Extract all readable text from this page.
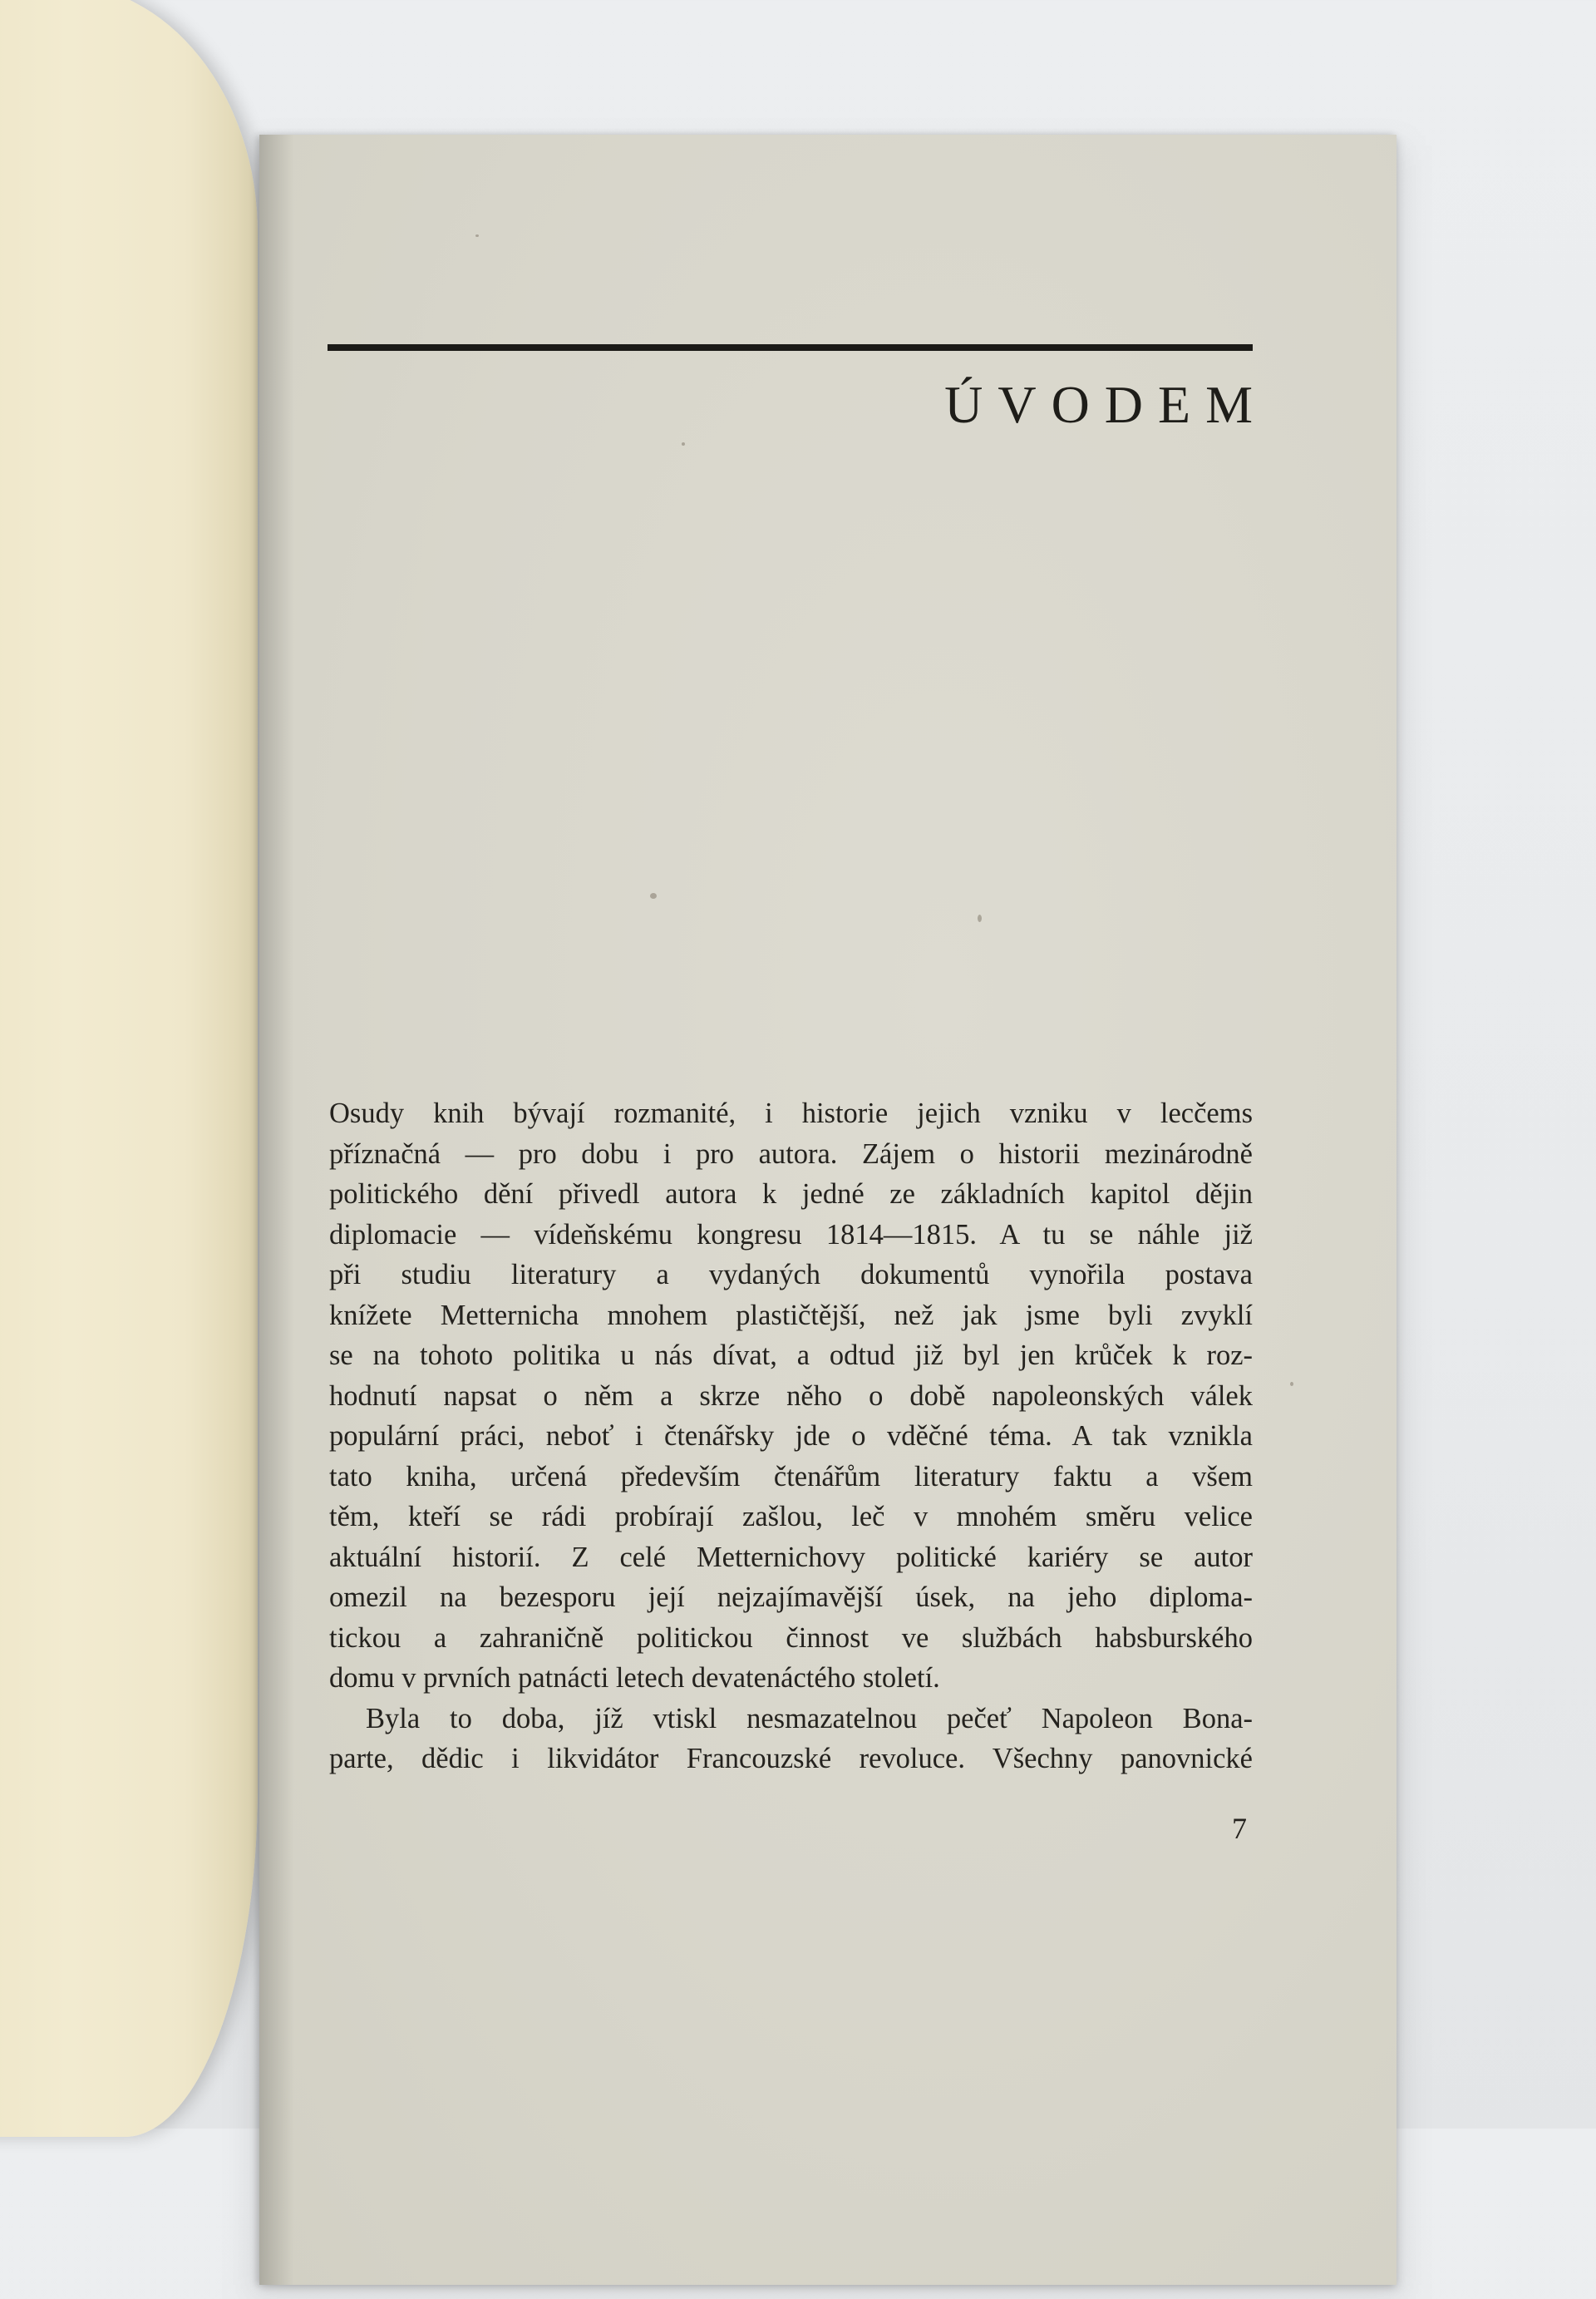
ÚVODEM
Osudy knih bývají rozmanité, i historie jejich vzniku v lecčems
příznačná — pro dobu i pro autora. Zájem o historii mezinárodně
politického dění přivedl autora k jedné ze základních kapitol dějin
diplomacie — vídeňskému kongresu 1814—1815. A tu se náhle již
při studiu literatury a vydaných dokumentů vynořila postava
knížete Metternicha mnohem plastičtější, než jak jsme byli zvyklí
se na tohoto politika u nás dívat, a odtud již byl jen krůček k roz-
hodnutí napsat o něm a skrze něho o době napoleonských válek
populární práci, neboť i čtenářsky jde o vděčné téma. A tak vznikla
tato kniha, určená především čtenářům literatury faktu a všem
těm, kteří se rádi probírají zašlou, leč v mnohém směru velice
aktuální historií. Z celé Metternichovy politické kariéry se autor
omezil na bezesporu její nejzajímavější úsek, na jeho diploma-
tickou a zahraničně politickou činnost ve službách habsburského
domu v prvních patnácti letech devatenáctého století.
Byla to doba, jíž vtiskl nesmazatelnou pečeť Napoleon Bona-
parte, dědic i likvidátor Francouzské revoluce. Všechny panovnické

7
